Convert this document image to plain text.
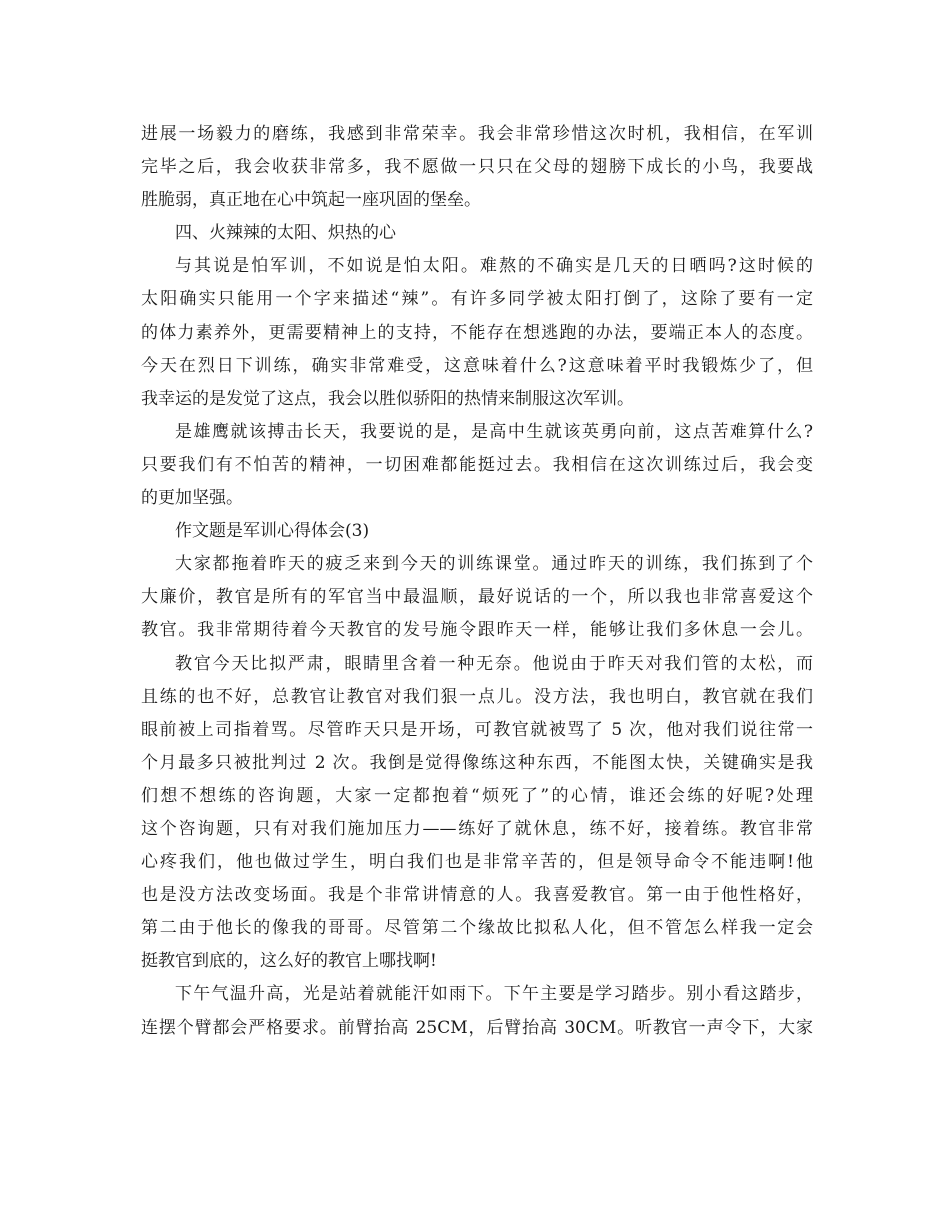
进展一场毅力的磨练，我感到非常荣幸。我会非常珍惜这次时机，我相信，在军训
完毕之后，我会收获非常多，我不愿做一只只在父母的翅膀下成长的小鸟，我要战
胜脆弱，真正地在心中筑起一座巩固的堡垒。
四、火辣辣的太阳、炽热的心
与其说是怕军训，不如说是怕太阳。难熬的不确实是几天的日晒吗?这时候的
太阳确实只能用一个字来描述“辣”。有许多同学被太阳打倒了，这除了要有一定
的体力素养外，更需要精神上的支持，不能存在想逃跑的办法，要端正本人的态度。
今天在烈日下训练，确实非常难受，这意味着什么?这意味着平时我锻炼少了，但
我幸运的是发觉了这点，我会以胜似骄阳的热情来制服这次军训。
是雄鹰就该搏击长天，我要说的是，是高中生就该英勇向前，这点苦难算什么?
只要我们有不怕苦的精神，一切困难都能挺过去。我相信在这次训练过后，我会变
的更加坚强。
作文题是军训心得体会(3)
大家都拖着昨天的疲乏来到今天的训练课堂。通过昨天的训练，我们拣到了个
大廉价，教官是所有的军官当中最温顺，最好说话的一个，所以我也非常喜爱这个
教官。我非常期待着今天教官的发号施令跟昨天一样，能够让我们多休息一会儿。
教官今天比拟严肃，眼睛里含着一种无奈。他说由于昨天对我们管的太松，而
且练的也不好，总教官让教官对我们狠一点儿。没方法，我也明白，教官就在我们
眼前被上司指着骂。尽管昨天只是开场，可教官就被骂了 5 次，他对我们说往常一
个月最多只被批判过 2 次。我倒是觉得像练这种东西，不能图太快，关键确实是我
们想不想练的咨询题，大家一定都抱着“烦死了”的心情，谁还会练的好呢?处理
这个咨询题，只有对我们施加压力——练好了就休息，练不好，接着练。教官非常
心疼我们，他也做过学生，明白我们也是非常辛苦的，但是领导命令不能违啊!他
也是没方法改变场面。我是个非常讲情意的人。我喜爱教官。第一由于他性格好，
第二由于他长的像我的哥哥。尽管第二个缘故比拟私人化，但不管怎么样我一定会
挺教官到底的，这么好的教官上哪找啊!
下午气温升高，光是站着就能汗如雨下。下午主要是学习踏步。别小看这踏步，
连摆个臂都会严格要求。前臂抬高 25CM，后臂抬高 30CM。听教官一声令下，大家
